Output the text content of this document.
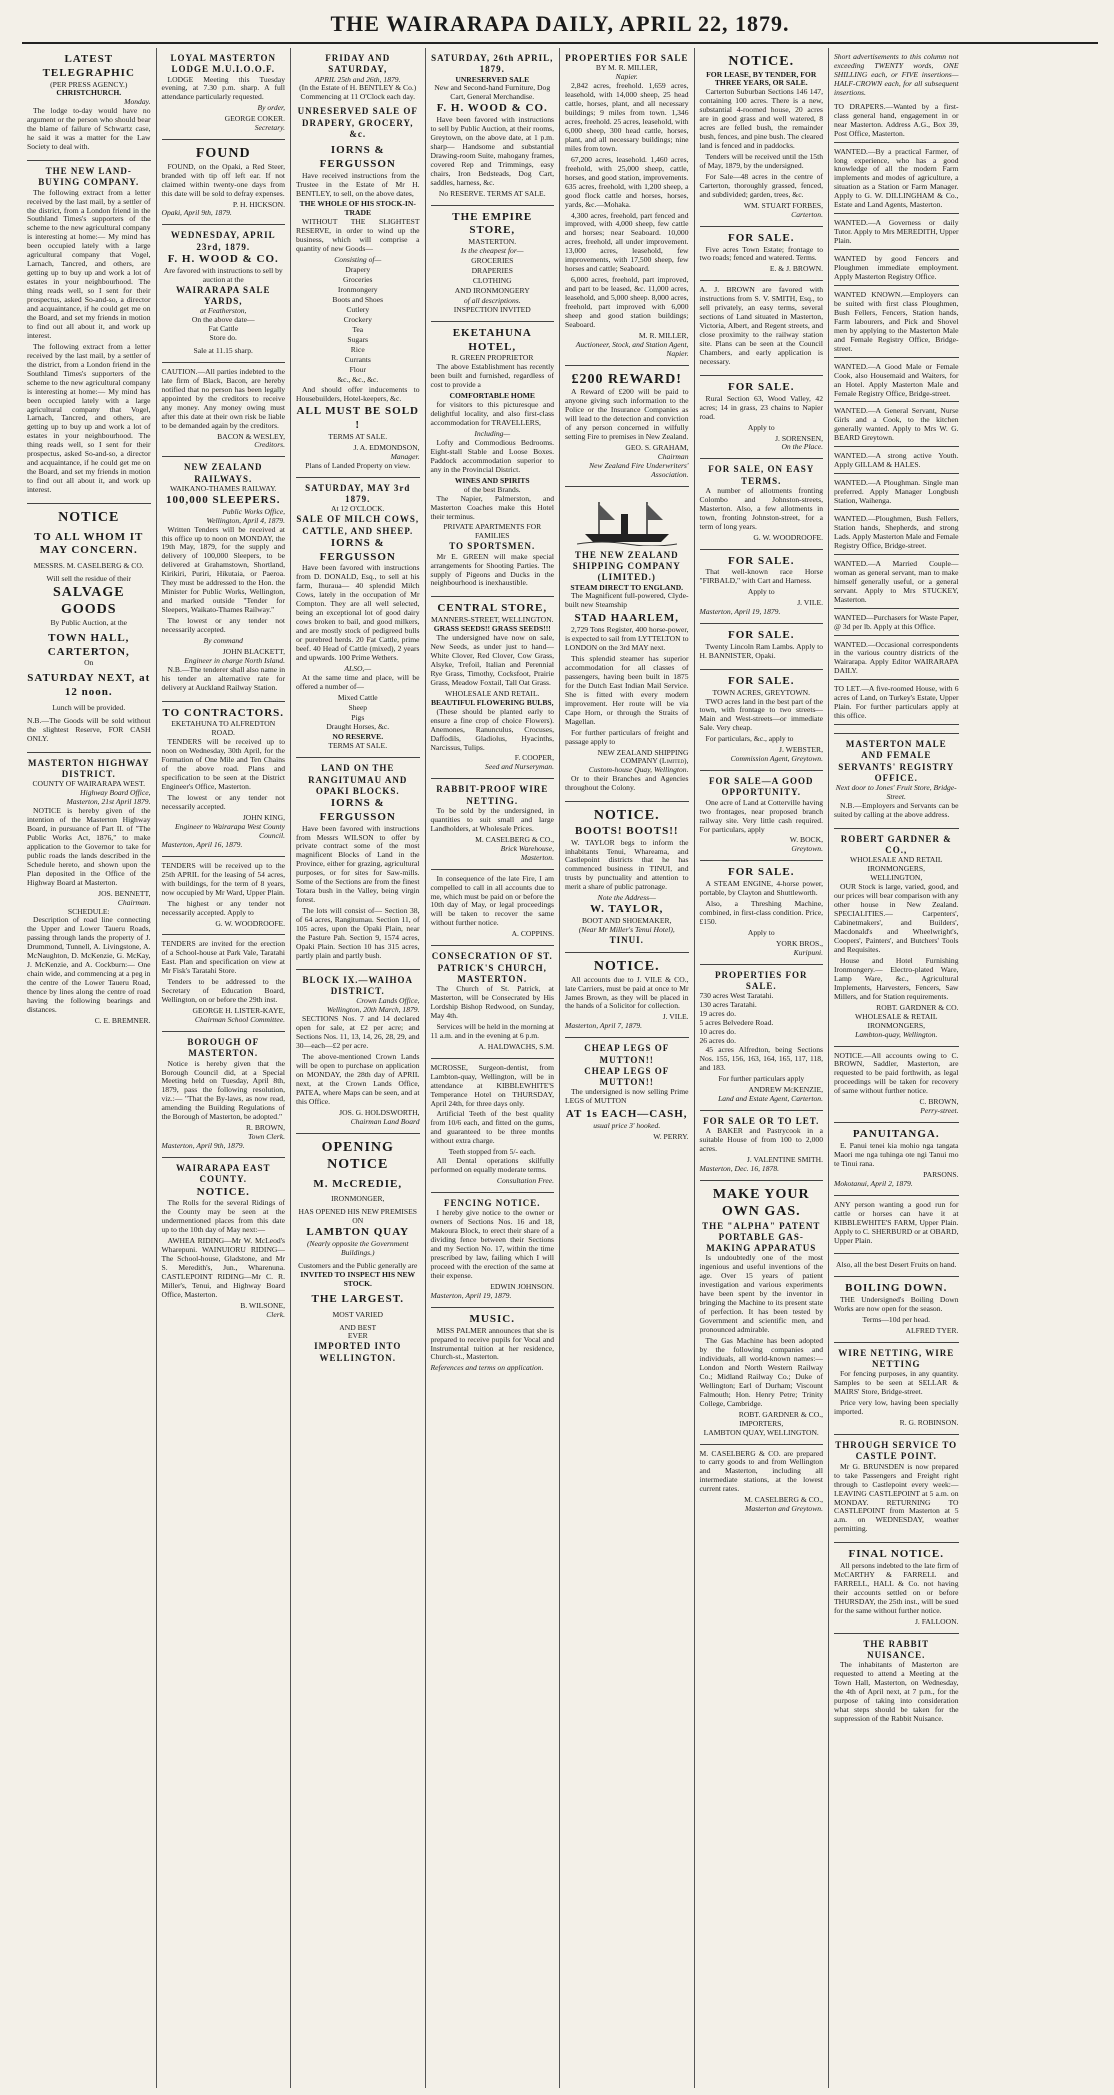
THE WAIRARAPA DAILY, APRIL 22, 1879.
LATEST TELEGRAPHIC
(PER PRESS AGENCY.)
CHRISTCHURCH.
Monday.

The lodge to-day would have no argument or the person who should bear the blame of failure of Schwartz case, he said it was a matter for the Law Society to deal with.

THE NEW LAND-BUYING COMPANY.

The following extract from a letter received by the last mail, by a settler of the district, from a London friend in the Southland Times's supporters of the scheme to the new agricultural company is interesting at home:— My mind has been occupied lately with a large agricultural company that Vogel, Larnach, Tancred, and others, are getting up to buy up and work a lot of estates in your neighbourhood. The thing reads well, so I sent for their prospectus, asked So-and-so, a director and acquaintance, if he could get me on the Board, and set my friends in motion to find out all about it, and work up interest.

The following extract from a letter received by the last mail, by a settler of the district, from a London friend in the Southland Times's supporters of the scheme to the new agricultural company is interesting at home:— My mind has been occupied lately with a large agricultural company that Vogel, Larnach, Tancred, and others, are getting up to buy up and work a lot of estates in your neighbourhood. The thing reads well, so I sent for their prospectus, asked So-and-so, a director and acquaintance, if he could get me on the Board, and set my friends in motion to find out all about it, and work up interest.

NOTICE
TO ALL WHOM IT MAY CONCERN.
MESSRS. M. CASELBERG & CO.
Will sell the residue of their
SALVAGE GOODS
By Public Auction, at the
TOWN HALL, CARTERTON,
On
SATURDAY NEXT, at 12 noon.
Lunch will be provided.

N.B.—The Goods will be sold without the slightest Reserve, FOR CASH ONLY.

MASTERTON HIGHWAY DISTRICT.
COUNTY OF WAIRARAPA WEST.
Highway Board Office,
Masterton, 21st April 1879.

NOTICE is hereby given of the intention of the Masterton Highway Board, in pursuance of Part II. of "The Public Works Act, 1876," to make application to the Governor to take for public roads the lands described in the Schedule hereto, and shown upon the Plan deposited in the Office of the Highway Board at Masterton.

JOS. BENNETT,
Chairman.
SCHEDULE:

Description of road line connecting the Upper and Lower Taueru Roads, passing through lands the property of J. Drummond, Tunnell, A. Livingstone, A. McNaughton, D. McKenzie, G. McKay, J. McKenzie, and A. Cockburn:— One chain wide, and commencing at a peg in the centre of the Lower Taueru Road, thence by lines along the centre of road having the following bearings and distances.

C. E. BREMNER.
LOYAL MASTERTON LODGE M.U.I.O.O.F.

LODGE Meeting this Tuesday evening, at 7.30 p.m. sharp. A full attendance particularly requested.

By order,
GEORGE COKER.
Secretary.
FOUND

FOUND, on the Opaki, a Red Steer, branded with tip off left ear. If not claimed within twenty-one days from this date will be sold to defray expenses.

P. H. HICKSON.
Opaki, April 9th, 1879.
WEDNESDAY, APRIL 23rd, 1879.
F. H. WOOD & CO.
Are favored with instructions to sell by auction at the
WAIRARAPA SALE YARDS,
at Featherston,
On the above date—
Fat Cattle
Store do.
Sale at 11.15 sharp.

CAUTION.—All parties indebted to the late firm of Black, Bacon, are hereby notified that no person has been legally appointed by the creditors to receive any money. Any money owing must after this date at their own risk be liable to be demanded again by the creditors.

BACON & WESLEY,
Creditors.
NEW ZEALAND RAILWAYS.
WAIKANO-THAMES RAILWAY.
100,000 SLEEPERS.
Public Works Office,
Wellington, April 4, 1879.

Written Tenders will be received at this office up to noon on MONDAY, the 19th May, 1879, for the supply and delivery of 100,000 Sleepers, to be delivered at Grahamstown, Shortland, Kirikiri, Puriri, Hikutaia, or Paeroa. They must be addressed to the Hon. the Minister for Public Works, Wellington, and marked outside "Tender for Sleepers, Waikato-Thames Railway."

The lowest or any tender not necessarily accepted.

By command
JOHN BLACKETT,
Engineer in charge North Island.

N.B.—The tenderer shall also name in his tender an alternative rate for delivery at Auckland Railway Station.

TO CONTRACTORS.
EKETAHUNA TO ALFREDTON ROAD.

TENDERS will be received up to noon on Wednesday, 30th April, for the Formation of One Mile and Ten Chains of the above road. Plans and specification to be seen at the District Engineer's Office, Masterton.

The lowest or any tender not necessarily accepted.

JOHN KING,
Engineer to Wairarapa West County Council.
Masterton, April 16, 1879.

TENDERS will be received up to the 25th APRIL for the leasing of 54 acres, with buildings, for the term of 8 years, now occupied by Mr Ward, Upper Plain.

The highest or any tender not necessarily accepted. Apply to

G. W. WOODROOFE.

TENDERS are invited for the erection of a School-house at Park Vale, Taratahi East. Plan and specification on view at Mr Fisk's Taratahi Store.

Tenders to be addressed to the Secretary of Education Board, Wellington, on or before the 29th inst.

GEORGE H. LISTER-KAYE,
Chairman School Committee.
BOROUGH OF MASTERTON.

Notice is hereby given that the Borough Council did, at a Special Meeting held on Tuesday, April 8th, 1879, pass the following resolution, viz.:— "That the By-laws, as now read, amending the Building Regulations of the Borough of Masterton, be adopted."

R. BROWN,
Town Clerk.
Masterton, April 9th, 1879.
WAIRARAPA EAST COUNTY.
NOTICE.

The Rolls for the several Ridings of the County may be seen at the undermentioned places from this date up to the 10th day of May next:—

AWHEA RIDING—Mr W. McLeod's Wharepuni. WAINUIORU RIDING—The School-house, Gladstone, and Mr S. Meredith's, Jun., Wharenuna. CASTLEPOINT RIDING—Mr C. R. Miller's, Tenui, and Highway Board Office, Masterton.

B. WILSONE,
Clerk.
FRIDAY AND SATURDAY,
APRIL 25th and 26th, 1879.
(In the Estate of H. BENTLEY & Co.)
Commencing at 11 O'Clock each day.
UNRESERVED SALE OF DRAPERY, GROCERY, &c.
IORNS & FERGUSSON

Have received instructions from the Trustee in the Estate of Mr H. BENTLEY, to sell, on the above dates,

THE WHOLE OF HIS STOCK-IN-TRADE

WITHOUT THE SLIGHTEST RESERVE, in order to wind up the business, which will comprise a quantity of new Goods—

Consisting of—
Drapery
Groceries
Ironmongery
Boots and Shoes
Cutlery
Crockery
Tea
Sugars
Rice
Currants
Flour
&c., &c., &c.

And should offer inducements to Housebuilders, Hotel-keepers, &c.

ALL MUST BE SOLD !
TERMS AT SALE.
J. A. EDMONDSON,
Manager.
Plans of Landed Property on view.
SATURDAY, MAY 3rd 1879.
At 12 O'CLOCK.
SALE OF MILCH COWS, CATTLE, AND SHEEP.
IORNS & FERGUSSON

Have been favored with instructions from D. DONALD, Esq., to sell at his farm, Ihuraua— 40 splendid Milch Cows, lately in the occupation of Mr Compton. They are all well selected, being an exceptional lot of good dairy cows broken to bail, and good milkers, and are mostly stock of pedigreed bulls or purebred herds. 20 Fat Cattle, prime beef. 40 Head of Cattle (mixed), 2 years and upwards. 100 Prime Wethers.

ALSO,—

At the same time and place, will be offered a number of—

Mixed Cattle
Sheep
Pigs
Draught Horses, &c.
NO RESERVE.
TERMS AT SALE.
LAND ON THE RANGITUMAU AND OPAKI BLOCKS.
IORNS & FERGUSSON

Have been favored with instructions from Messrs WILSON to offer by private contract some of the most magnificent Blocks of Land in the Province, either for grazing, agricultural purposes, or for sites for Saw-mills. Some of the Sections are from the finest Totara bush in the Valley, being virgin forest.

The lots will consist of— Section 38, of 64 acres, Rangitumau. Section 11, of 105 acres, upon the Opaki Plain, near the Pasture Pah. Section 9, 1574 acres, Opaki Plain. Section 10 has 315 acres, partly plain and partly bush.

BLOCK IX.—WAIHOA DISTRICT.
Crown Lands Office,
Wellington, 20th March, 1879.

SECTIONS Nos. 7 and 14 declared open for sale, at £2 per acre; and Sections Nos. 11, 13, 14, 26, 28, 29, and 30—each—£2 per acre.

The above-mentioned Crown Lands will be open to purchase on application on MONDAY, the 28th day of APRIL next, at the Crown Lands Office, PATEA, where Maps can be seen, and at this Office.

JOS. G. HOLDSWORTH,
Chairman Land Board
OPENING NOTICE
M. McCREDIE,
IRONMONGER,
HAS OPENED HIS NEW PREMISES
ON
LAMBTON QUAY
(Nearly opposite the Government Buildings.)
Customers and the Public generally are
INVITED TO INSPECT HIS NEW STOCK.
THE LARGEST.
MOST VARIED
AND BEST
EVER
IMPORTED INTO WELLINGTON.
SATURDAY, 26th APRIL, 1879.
UNRESERVED SALE
New and Second-hand Furniture, Dog Cart, General Merchandise.
F. H. WOOD & CO.

Have been favored with instructions to sell by Public Auction, at their rooms, Greytown, on the above date, at 1 p.m. sharp— Handsome and substantial Drawing-room Suite, mahogany frames, covered Rep and Trimmings, easy chairs, Iron Bedsteads, Dog Cart, saddles, harness, &c.

No RESERVE. TERMS AT SALE.
THE EMPIRE STORE,
MASTERTON.
Is the cheapest for—
GROCERIES
DRAPERIES
CLOTHING
AND IRONMONGERY
of all descriptions.
INSPECTION INVITED
EKETAHUNA HOTEL,
R. GREEN PROPRIETOR

The above Establishment has recently been built and furnished, regardless of cost to provide a

COMFORTABLE HOME

for visitors to this picturesque and delightful locality, and also first-class accommodation for TRAVELLERS,

Including—

Lofty and Commodious Bedrooms. Eight-stall Stable and Loose Boxes. Paddock accommodation superior to any in the Provincial District.

WINES AND SPIRITS
of the best Brands.

The Napier, Palmerston, and Masterton Coaches make this Hotel their terminus.

PRIVATE APARTMENTS FOR FAMILIES
TO SPORTSMEN.

Mr E. GREEN will make special arrangements for Shooting Parties. The supply of Pigeons and Ducks in the neighbourhood is inexhaustible.

CENTRAL STORE,
MANNERS-STREET, WELLINGTON.
GRASS SEEDS!! GRASS SEEDS!!!

The undersigned have now on sale, New Seeds, as under just to hand— White Clover, Red Clover, Cow Grass, Alsyke, Trefoil, Italian and Perennial Rye Grass, Timothy, Cocksfoot, Prairie Grass, Meadow Foxtail, Tall Oat Grass.

WHOLESALE AND RETAIL.
BEAUTIFUL FLOWERING BULBS,

(These should be planted early to ensure a fine crop of choice Flowers). Anemones, Ranunculus, Crocuses, Daffodils, Gladiolus, Hyacinths, Narcissus, Tulips.

F. COOPER,
Seed and Nurseryman.
RABBIT-PROOF WIRE NETTING.

To be sold by the undersigned, in quantities to suit small and large Landholders, at Wholesale Prices.

M. CASELBERG & CO.,
Brick Warehouse,
Masterton.

In consequence of the late Fire, I am compelled to call in all accounts due to me, which must be paid on or before the 10th day of May, or legal proceedings will be taken to recover the same without further notice.

A. COPPINS.
CONSECRATION OF ST. PATRICK'S CHURCH, MASTERTON.

The Church of St. Patrick, at Masterton, will be Consecrated by His Lordship Bishop Redwood, on Sunday, May 4th.

Services will be held in the morning at 11 a.m. and in the evening at 6 p.m.

A. HALDWACHS, S.M.

MCROSSE, Surgeon-dentist, from Lambton-quay, Wellington, will be in attendance at KIBBLEWHITE'S Temperance Hotel on THURSDAY, April 24th, for three days only.

Artificial Teeth of the best quality from 10/6 each, and fitted on the gums, and guaranteed to be three months without extra charge.

Teeth stopped from 5/- each.

All Dental operations skilfully performed on equally moderate terms.

Consultation Free.
FENCING NOTICE.

I hereby give notice to the owner or owners of Sections Nos. 16 and 18, Makoura Block, to erect their share of a dividing fence between their Sections and my Section No. 17, within the time prescribed by law, failing which I will proceed with the erection of the same at their expense.

EDWIN JOHNSON.
Masterton, April 19, 1879.
MUSIC.

MISS PALMER announces that she is prepared to receive pupils for Vocal and Instrumental tuition at her residence, Church-st., Masterton.

References and terms on application.
PROPERTIES FOR SALE
BY M. R. MILLER,
Napier.

2,842 acres, freehold. 1,659 acres, leasehold, with 14,000 sheep, 25 head cattle, horses, plant, and all necessary buildings; 9 miles from town. 1,346 acres, freehold. 25 acres, leasehold, with 6,000 sheep, 300 head cattle, horses, plant, and all necessary buildings; nine miles from town.

67,200 acres, leasehold. 1,460 acres, freehold, with 25,000 sheep, cattle, horses, and good station, improvements. 635 acres, freehold, with 1,200 sheep, a good flock cattle and horses, horses, yards, &c.—Mohaka.

4,300 acres, freehold, part fenced and improved, with 4,000 sheep, few cattle and horses; near Seaboard. 10,000 acres, freehold, all under improvement. 13,000 acres, leasehold, few improvements, with 17,500 sheep, few horses and cattle; Seaboard.

6,000 acres, freehold, part improved, and part to be leased, &c. 11,000 acres, leasehold, and 5,000 sheep. 8,000 acres, freehold, part improved with 6,000 sheep and good station buildings; Seaboard.

M. R. MILLER,
Auctioneer, Stock, and Station Agent, Napier.
£200 REWARD!

A Reward of £200 will be paid to anyone giving such information to the Police or the Insurance Companies as will lead to the detection and conviction of any person concerned in wilfully setting Fire to premises in New Zealand.

GEO. S. GRAHAM,
Chairman
New Zealand Fire Underwriters' Association.
THE NEW ZEALAND SHIPPING COMPANY (LIMITED.)
STEAM DIRECT TO ENGLAND.

The Magnificent full-powered, Clyde-built new Steamship

STAD HAARLEM,

2,729 Tons Register, 400 horse-power, is expected to sail from LYTTELTON to LONDON on the 3rd MAY next.

This splendid steamer has superior accommodation for all classes of passengers, having been built in 1875 for the Dutch East Indian Mail Service. She is fitted with every modern improvement. Her route will be via Cape Horn, or through the Straits of Magellan.

For further particulars of freight and passage apply to

NEW ZEALAND SHIPPING COMPANY (Limited),
Custom-house Quay, Wellington.

Or to their Branches and Agencies throughout the Colony.

NOTICE.
BOOTS! BOOTS!!

W. TAYLOR begs to inform the inhabitants Tenui, Whareama, and Castlepoint districts that he has commenced business in TINUI, and trusts by punctuality and attention to merit a share of public patronage.

Note the Address—
W. TAYLOR,
BOOT AND SHOEMAKER,
(Near Mr Miller's Tenui Hotel),
TINUI.
NOTICE.

All accounts due to J. VILE & CO., late Carriers, must be paid at once to Mr James Brown, as they will be placed in the hands of a Solicitor for collection.

J. VILE.
Masterton, April 7, 1879.
CHEAP LEGS OF MUTTON!!
CHEAP LEGS OF MUTTON!!

The undersigned is now selling Prime LEGS of MUTTON

AT 1s EACH—CASH,
usual price 3' hooked.
W. PERRY.
NOTICE.
FOR LEASE, BY TENDER, FOR THREE YEARS, OR SALE.

Carterton Suburban Sections 146 147, containing 100 acres. There is a new, substantial 4-roomed house, 20 acres are in good grass and well watered, 8 acres are felled bush, the remainder bush, fences, and pine bush. The cleared land is fenced and in paddocks.

Tenders will be received until the 15th of May, 1879, by the undersigned.

For Sale—48 acres in the centre of Carterton, thoroughly grassed, fenced, and subdivided; garden, trees, &c.

WM. STUART FORBES,
Carterton.
FOR SALE.

Five acres Town Estate; frontage to two roads; fenced and watered. Terms.

E. & J. BROWN.

A. J. BROWN are favored with instructions from S. V. SMITH, Esq., to sell privately, an easy terms, several sections of Land situated in Masterton, Victoria, Albert, and Regent streets, and close proximity to the railway station site. Plans can be seen at the Council Chambers, and early application is necessary.

FOR SALE.

Rural Section 63, Wood Valley, 42 acres; 14 in grass, 23 chains to Napier road.

Apply to
J. SORENSEN,
On the Place.
FOR SALE, ON EASY TERMS.

A number of allotments fronting Colombo and Johnston-streets, Masterton. Also, a few allotments in town, fronting Johnston-street, for a term of long years.

G. W. WOODROOFE.
FOR SALE.

That well-known race Horse "FIRBALD," with Cart and Harness.

Apply to
J. VILE.
Masterton, April 19, 1879.
FOR SALE.

Twenty Lincoln Ram Lambs. Apply to H. BANNISTER, Opaki.

FOR SALE.
TOWN ACRES, GREYTOWN.

TWO acres land in the best part of the town, with frontage to two streets—Main and West-streets—or immediate Sale. Very cheap.

For particulars, &c., apply to

J. WEBSTER,
Commission Agent, Greytown.
FOR SALE—A GOOD OPPORTUNITY.

One acre of Land at Cotterville having two frontages, near proposed branch railway site. Very little cash required. For particulars, apply

W. BOCK,
Greytown.
FOR SALE.

A STEAM ENGINE, 4-horse power, portable, by Clayton and Shuttleworth.

Also, a Threshing Machine, combined, in first-class condition. Price, £150.

Apply to
YORK BROS.,
Kuripuni.
PROPERTIES FOR SALE.
730 acres West Taratahi.
130 acres Taratahi.
19 acres do.
5 acres Belvedere Road.
10 acres do.
26 acres do.

45 acres Alfredton, being Sections Nos. 155, 156, 163, 164, 165, 117, 118, and 183.

For further particulars apply
ANDREW McKENZIE,
Land and Estate Agent, Carterton.
FOR SALE OR TO LET.

A BAKER and Pastrycook in a suitable House of from 100 to 2,000 acres.

J. VALENTINE SMITH.
Masterton, Dec. 16, 1878.
MAKE YOUR OWN GAS.
THE "ALPHA" PATENT PORTABLE GAS-MAKING APPARATUS

Is undoubtedly one of the most ingenious and useful inventions of the age. Over 15 years of patient investigation and various experiments have been spent by the inventor in bringing the Machine to its present state of perfection. It has been tested by Government and scientific men, and pronounced admirable.

The Gas Machine has been adopted by the following companies and individuals, all world-known names:— London and North Western Railway Co.; Midland Railway Co.; Duke of Wellington; Earl of Durham; Viscount Falmouth; Hon. Henry Petre; Trinity College, Cambridge.

ROBT. GARDNER & CO.,
IMPORTERS,
LAMBTON QUAY, WELLINGTON.

M. CASELBERG & CO. are prepared to carry goods to and from Wellington and Masterton, including all intermediate stations, at the lowest current rates.

M. CASELBERG & CO.,
Masterton and Greytown.

Short advertisements to this column not exceeding TWENTY words, ONE SHILLING each, or FIVE insertions—HALF-CROWN each, for all subsequent insertions.

TO DRAPERS.—Wanted by a first-class general hand, engagement in or near Masterton. Address A.G., Box 39, Post Office, Masterton.

WANTED.—By a practical Farmer, of long experience, who has a good knowledge of all the modern Farm implements and modes of agriculture, a situation as a Station or Farm Manager. Apply to G. W. DILLINGHAM & Co., Estate and Land Agents, Masterton.

WANTED.—A Governess or daily Tutor. Apply to Mrs MEREDITH, Upper Plain.

WANTED by good Fencers and Ploughmen immediate employment. Apply Masterton Registry Office.

WANTED KNOWN.—Employers can be suited with first class Ploughmen, Bush Fellers, Fencers, Station hands, Farm labourers, and Pick and Shovel men by applying to the Masterton Male and Female Registry Office, Bridge-street.

WANTED.—A Good Male or Female Cook, also Housemaid and Waiters, for an Hotel. Apply Masterton Male and Female Registry Office, Bridge-street.

WANTED.—A General Servant, Nurse Girls and a Cook, to the kitchen generally wanted. Apply to Mrs W. G. BEARD Greytown.

WANTED.—A strong active Youth. Apply GILLAM & HALES.

WANTED.—A Ploughman. Single man preferred. Apply Manager Longbush Station, Waihenga.

WANTED.—Ploughmen, Bush Fellers, Station hands, Shepherds, and strong Lads. Apply Masterton Male and Female Registry Office, Bridge-street.

WANTED.—A Married Couple—woman as general servant, man to make himself generally useful, or a general servant. Apply to Mrs STUCKEY, Masterton.

WANTED—Purchasers for Waste Paper, @ 3d per lb. Apply at this Office.

WANTED.—Occasional correspondents in the various country districts of the Wairarapa. Apply Editor WAIRARAPA DAILY.

TO LET.—A five-roomed House, with 6 acres of Land, on Turkey's Estate, Upper Plain. For further particulars apply at this office.

MASTERTON MALE AND FEMALE SERVANTS' REGISTRY OFFICE.
Next door to Jones' Fruit Store, Bridge-Street.

N.B.—Employers and Servants can be suited by calling at the above address.

ROBERT GARDNER & CO.,
WHOLESALE AND RETAIL IRONMONGERS,
WELLINGTON,

OUR Stock is large, varied, good, and our prices will bear comparison with any other house in New Zealand. SPECIALITIES.— Carpenters', Cabinetmakers', and Builders', Macdonald's and Wheelwright's, Coopers', Painters', and Butchers' Tools and Requisites.

House and Hotel Furnishing Ironmongery.— Electro-plated Ware, Lamp Ware, &c., Agricultural Implements, Harvesters, Fencers, Saw Millers, and for Station requirements.

ROBT. GARDNER & CO.
WHOLESALE & RETAIL IRONMONGERS,
Lambton-quay, Wellington.

NOTICE.—All accounts owing to C. BROWN, Saddler, Masterton, are requested to be paid forthwith, as legal proceedings will be taken for recovery of same without further notice.

C. BROWN,
Perry-street.
PANUITANGA.

E. Panui tenei kia mohio nga tangata Maori me nga tuhinga ote ngi Tanui mo te Tinui rana.

PARSONS.
Mokotanui, April 2, 1879.

ANY person wanting a good run for cattle or horses can have it at KIBBLEWHITE'S FARM, Upper Plain. Apply to C. SHERBURD or at OBARD, Upper Plain.

Also, all the best Desert Fruits on hand.
BOILING DOWN.

THE Undersigned's Boiling Down Works are now open for the season.

Terms—10d per head.
ALFRED TYER.
WIRE NETTING, WIRE NETTING

For fencing purposes, in any quantity. Samples to be seen at SELLAR & MAIRS' Store, Bridge-street.

Price very low, having been specially imported.

R. G. ROBINSON.
THROUGH SERVICE TO CASTLE POINT.

Mr G. BRUNSDEN is now prepared to take Passengers and Freight right through to Castlepoint every week:— LEAVING CASTLEPOINT at 5 a.m. on MONDAY. RETURNING TO CASTLEPOINT from Masterton at 5 a.m. on WEDNESDAY, weather permitting.

FINAL NOTICE.

All persons indebted to the late firm of McCARTHY & FARRELL and FARRELL, HALL & Co. not having their accounts settled on or before THURSDAY, the 25th inst., will be sued for the same without further notice.

J. FALLOON.
THE RABBIT NUISANCE.

The inhabitants of Masterton are requested to attend a Meeting at the Town Hall, Masterton, on Wednesday, the 4th of April next, at 7 p.m., for the purpose of taking into consideration what steps should be taken for the suppression of the Rabbit Nuisance.
